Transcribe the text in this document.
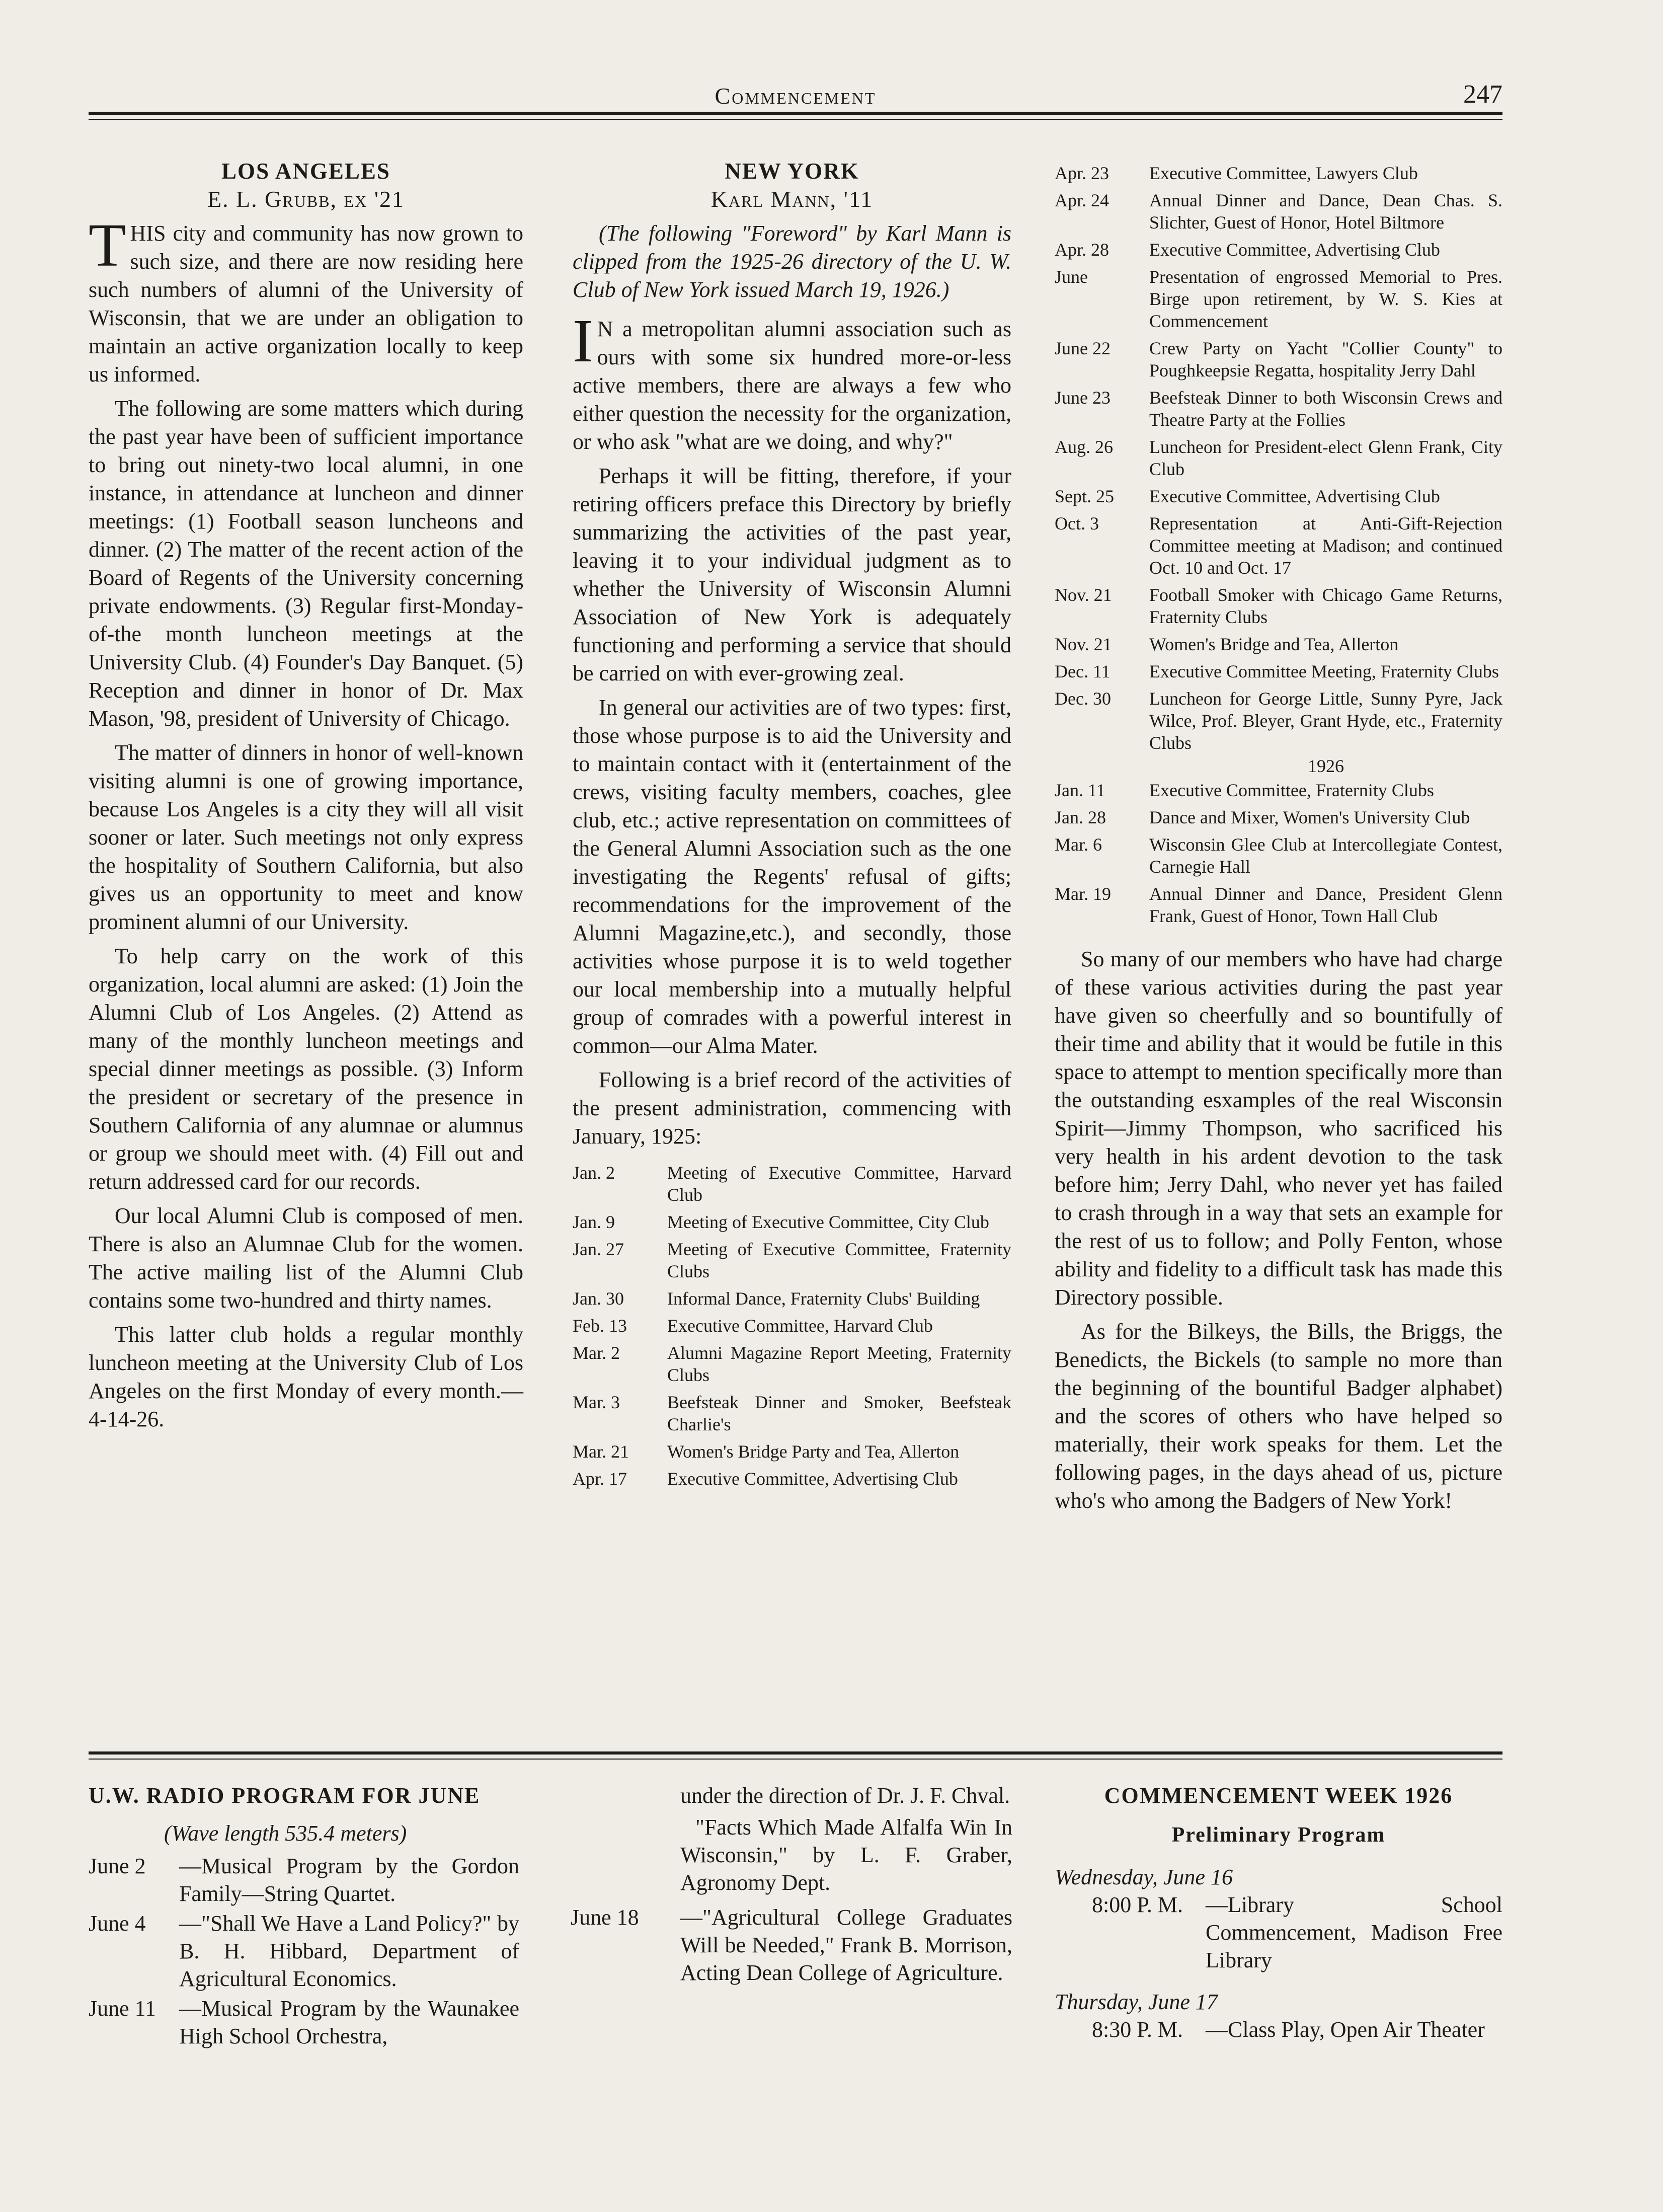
Commencement	247
LOS ANGELES

E. L. Grubb, ex '21

THIS city and community has now grown to such size, and there are now residing here such numbers of alumni of the University of Wisconsin, that we are under an obligation to maintain an active organization locally to keep us informed.

The following are some matters which during the past year have been of sufficient importance to bring out ninety-two local alumni, in one instance, in attendance at luncheon and dinner meetings: (1) Football season luncheons and dinner. (2) The matter of the recent action of the Board of Regents of the University concerning private endowments. (3) Regular first-Monday-of-the month luncheon meetings at the University Club. (4) Founder's Day Banquet. (5) Reception and dinner in honor of Dr. Max Mason, '98, president of University of Chicago.

The matter of dinners in honor of well-known visiting alumni is one of growing importance, because Los Angeles is a city they will all visit sooner or later. Such meetings not only express the hospitality of Southern California, but also gives us an opportunity to meet and know prominent alumni of our University.

To help carry on the work of this organization, local alumni are asked: (1) Join the Alumni Club of Los Angeles. (2) Attend as many of the monthly luncheon meetings and special dinner meetings as possible. (3) Inform the president or secretary of the presence in Southern California of any alumnae or alumnus or group we should meet with. (4) Fill out and return addressed card for our records.

Our local Alumni Club is composed of men. There is also an Alumnae Club for the women. The active mailing list of the Alumni Club contains some two-hundred and thirty names.

This latter club holds a regular monthly luncheon meeting at the University Club of Los Angeles on the first Monday of every month.—4-14-26.

NEW YORK

Karl Mann, '11

(The following "Foreword" by Karl Mann is clipped from the 1925-26 directory of the U. W. Club of New York issued March 19, 1926.)

I N a metropolitan alumni association such as ours with some six hundred more-or-less active members, there are always a few who either question the necessity for the organization, or who ask "what are we doing, and why?"

Perhaps it will be fitting, therefore, if your retiring officers preface this Directory by briefly summarizing the activities of the past year, leaving it to your individual judgment as to whether the University of Wisconsin Alumni Association of New York is adequately functioning and performing a service that should be carried on with ever-growing zeal.

In general our activities are of two types: first, those whose purpose is to aid the University and to maintain contact with it (entertainment of the crews, visiting faculty members, coaches, glee club, etc.; active representation on committees of the General Alumni Association such as the one investigating the Regents' refusal of gifts; recommendations for the improvement of the Alumni Magazine,etc.), and secondly, those activities whose purpose it is to weld together our local membership into a mutually helpful group of comrades with a powerful interest in common—our Alma Mater.

Following is a brief record of the activities of the present administration, commencing with January, 1925:

Jan. 2	Meeting of Executive Committee, Harvard Club
Jan. 9	Meeting of Executive Committee, City Club
Jan. 27	Meeting of Executive Committee, Fraternity Clubs
Jan. 30	Informal Dance, Fraternity Clubs' Building
Feb. 13	Executive Committee, Harvard Club
Mar. 2	Alumni Magazine Report Meeting, Fraternity Clubs
Mar. 3	Beefsteak Dinner and Smoker, Beefsteak Charlie's
Mar. 21	Women's Bridge Party and Tea, Allerton
Apr. 17	Executive Committee, Advertising Club
Apr. 23	Executive Committee, Lawyers Club
Apr. 24	Annual Dinner and Dance, Dean Chas. S. Slichter, Guest of Honor, Hotel Biltmore
Apr. 28	Executive Committee, Advertising Club
June	Presentation of engrossed Memorial to Pres. Birge upon retirement, by W. S. Kies at Commencement
June 22	Crew Party on Yacht "Collier County" to Poughkeepsie Regatta, hospitality Jerry Dahl
June 23	Beefsteak Dinner to both Wisconsin Crews and Theatre Party at the Follies
Aug. 26	Luncheon for President-elect Glenn Frank, City Club
Sept. 25	Executive Committee, Advertising Club
Oct. 3	Representation at Anti-Gift-Rejection Committee meeting at Madison; and continued Oct. 10 and Oct. 17
Nov. 21	Football Smoker with Chicago Game Returns, Fraternity Clubs
Nov. 21	Women's Bridge and Tea, Allerton
Dec. 11	Executive Committee Meeting, Fraternity Clubs
Dec. 30	Luncheon for George Little, Sunny Pyre, Jack Wilce, Prof. Bleyer, Grant Hyde, etc., Fraternity Clubs
1926
Jan. 11	Executive Committee, Fraternity Clubs
Jan. 28	Dance and Mixer, Women's University Club
Mar. 6	Wisconsin Glee Club at Intercollegiate Contest, Carnegie Hall
Mar. 19	Annual Dinner and Dance, President Glenn Frank, Guest of Honor, Town Hall Club

So many of our members who have had charge of these various activities during the past year have given so cheerfully and so bountifully of their time and ability that it would be futile in this space to attempt to mention specifically more than the outstanding esxamples of the real Wisconsin Spirit—Jimmy Thompson, who sacrificed his very health in his ardent devotion to the task before him; Jerry Dahl, who never yet has failed to crash through in a way that sets an example for the rest of us to follow; and Polly Fenton, whose ability and fidelity to a difficult task has made this Directory possible.

As for the Bilkeys, the Bills, the Briggs, the Benedicts, the Bickels (to sample no more than the beginning of the bountiful Badger alphabet) and the scores of others who have helped so materially, their work speaks for them. Let the following pages, in the days ahead of us, picture who's who among the Badgers of New York!

U.W. RADIO PROGRAM FOR JUNE
(Wave length 535.4 meters)
June 2	—Musical Program by the Gordon Family—String Quartet.
June 4	—"Shall We Have a Land Policy?" by B. H. Hibbard, Department of Agricultural Economics.
June 11	—Musical Program by the Waunakee High School Orchestra,
under the direction of Dr. J. F. Chval.
"Facts Which Made Alfalfa Win In Wisconsin," by L. F. Graber, Agronomy Dept.
June 18	—"Agricultural College Graduates Will be Needed," Frank B. Morrison, Acting Dean College of Agriculture.
COMMENCEMENT WEEK 1926
Preliminary Program
Wednesday, June 16
8:00 P. M.	—Library School Commencement, Madison Free Library
Thursday, June 17
8:30 P. M.	—Class Play, Open Air Theater
